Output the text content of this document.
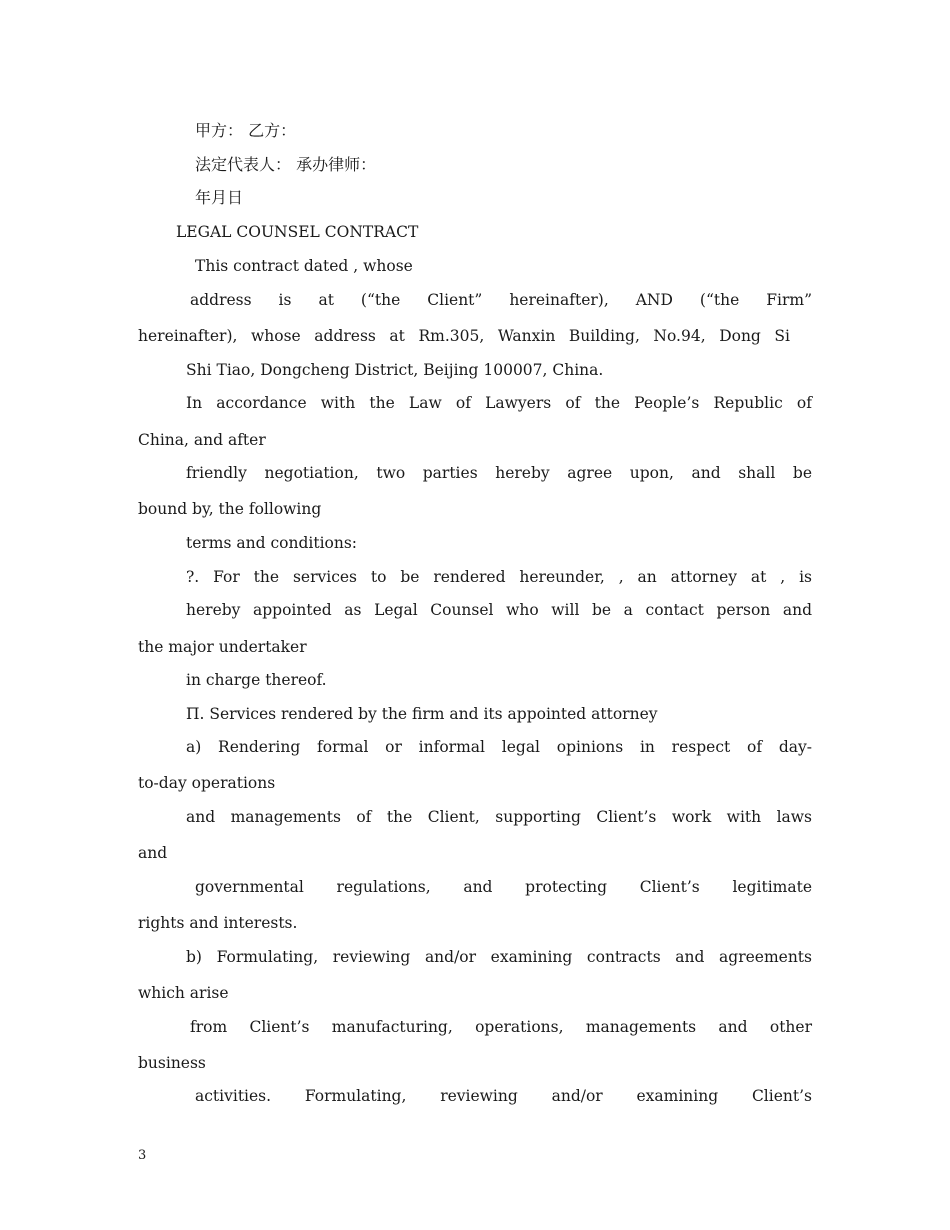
甲方： 乙方：
法定代表人： 承办律师：
年月日
LEGAL COUNSEL CONTRACT
This contract dated , whose
address is at (“the Client” hereinafter), AND (“the Firm”
hereinafter), whose address at Rm.305, Wanxin Building, No.94, Dong Si
Shi Tiao, Dongcheng District, Beijing 100007, China.
In accordance with the Law of Lawyers of the People’s Republic of
China, and after
friendly negotiation, two parties hereby agree upon, and shall be
bound by, the following
terms and conditions:
?. For the services to be rendered hereunder, , an attorney at , is
hereby appointed as Legal Counsel who will be a contact person and
the major undertaker
in charge thereof.
Π. Services rendered by the firm and its appointed attorney
a) Rendering formal or informal legal opinions in respect of day-
to-day operations
and managements of the Client, supporting Client’s work with laws
and
governmental regulations, and protecting Client’s legitimate
rights and interests.
b) Formulating, reviewing and/or examining contracts and agreements
which arise
from Client’s manufacturing, operations, managements and other
business
activities. Formulating, reviewing and/or examining Client’s
3
